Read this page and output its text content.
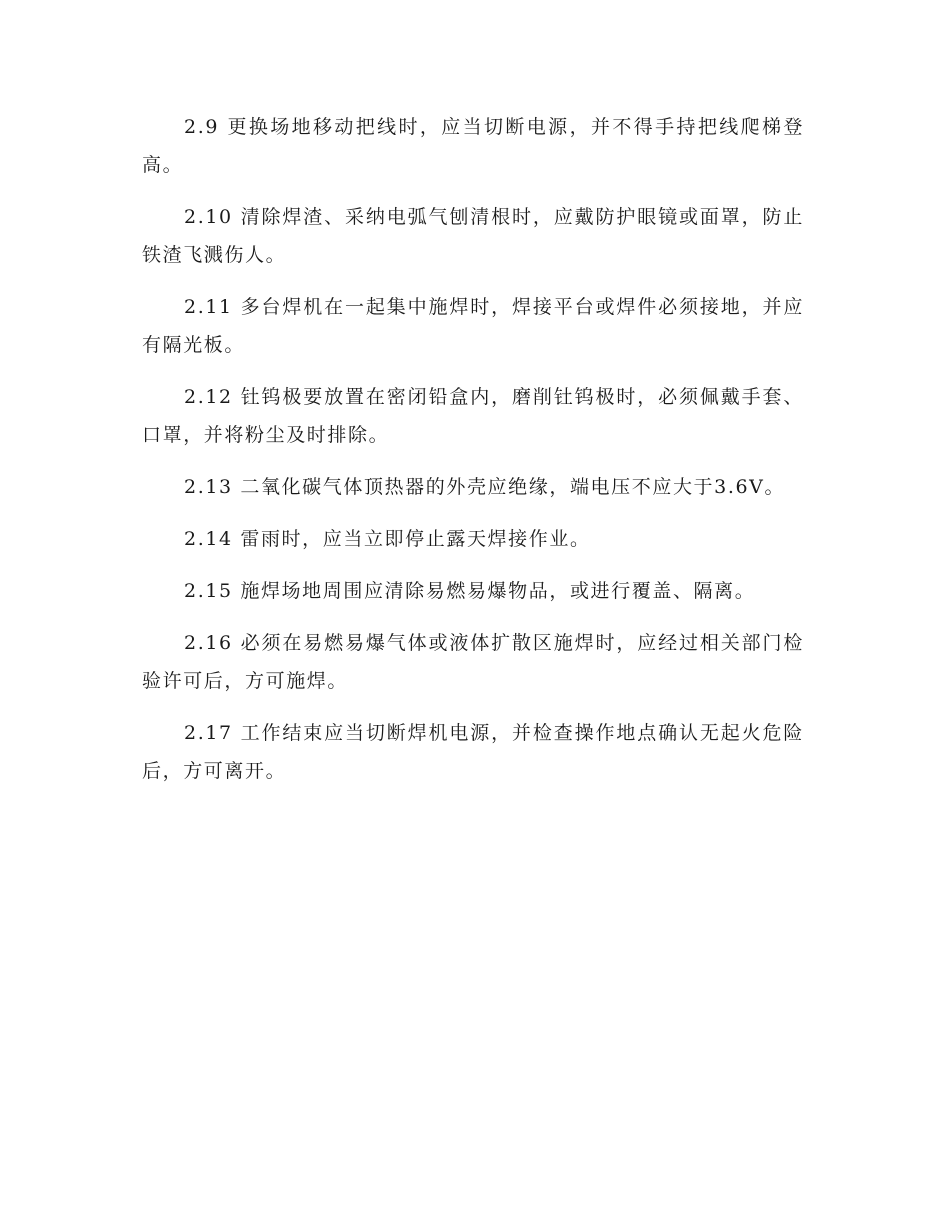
2.9 更换场地移动把线时，应当切断电源，并不得手持把线爬梯登高。

2.10 清除焊渣、采纳电弧气刨清根时，应戴防护眼镜或面罩，防止铁渣飞溅伤人。

2.11 多台焊机在一起集中施焊时，焊接平台或焊件必须接地，并应有隔光板。

2.12 钍钨极要放置在密闭铅盒内，磨削钍钨极时，必须佩戴手套、口罩，并将粉尘及时排除。

2.13 二氧化碳气体顶热器的外壳应绝缘，端电压不应大于3.6V。

2.14 雷雨时，应当立即停止露天焊接作业。

2.15 施焊场地周围应清除易燃易爆物品，或进行覆盖、隔离。

2.16 必须在易燃易爆气体或液体扩散区施焊时，应经过相关部门检验许可后，方可施焊。

2.17 工作结束应当切断焊机电源，并检查操作地点确认无起火危险后，方可离开。
